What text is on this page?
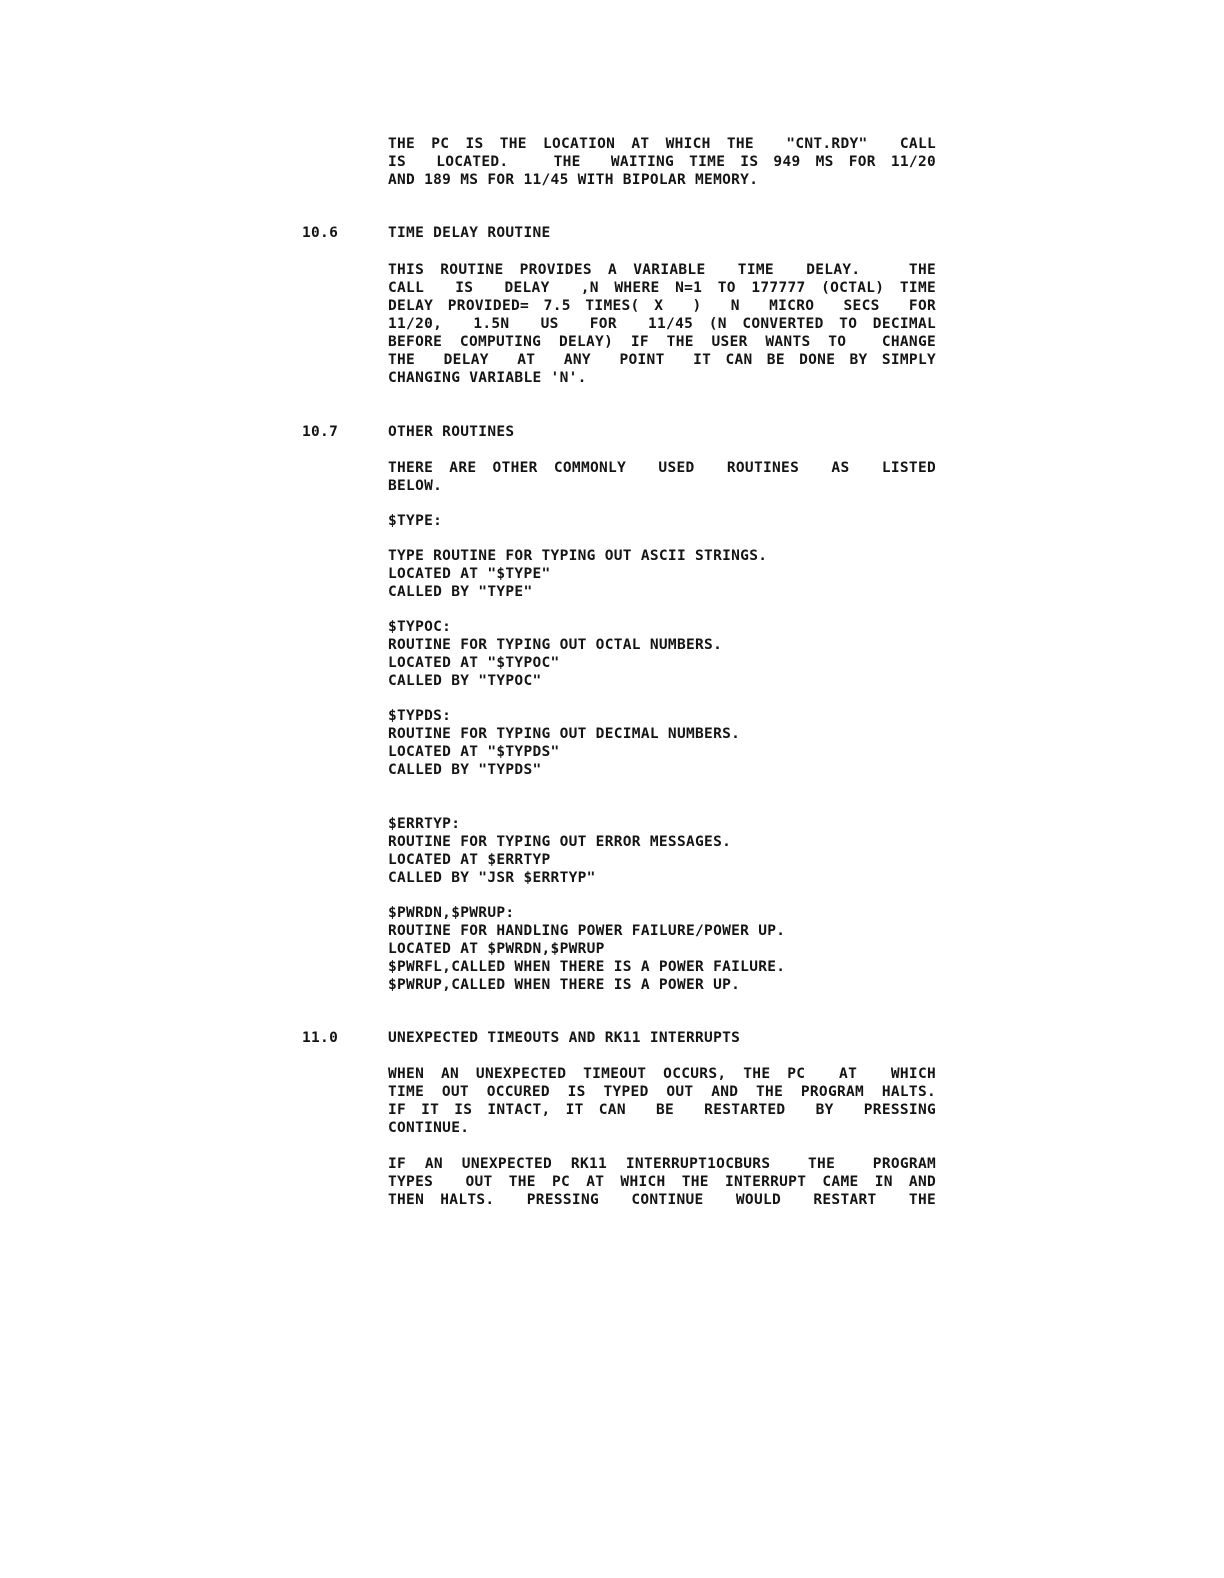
THE PC IS THE LOCATION AT WHICH THE  "CNT.RDY"  CALL
IS  LOCATED.   THE  WAITING TIME IS 949 MS FOR 11/20
AND 189 MS FOR 11/45 WITH BIPOLAR MEMORY.
10.6	TIME DELAY ROUTINE
THIS ROUTINE PROVIDES A VARIABLE  TIME  DELAY.   THE
CALL  IS  DELAY  ,N WHERE N=1 TO 177777 (OCTAL) TIME
DELAY PROVIDED= 7.5 TIMES( X  )  N  MICRO  SECS  FOR
11/20,  1.5N  US  FOR  11/45 (N CONVERTED TO DECIMAL
BEFORE COMPUTING DELAY) IF THE USER WANTS TO  CHANGE
THE  DELAY  AT  ANY  POINT  IT CAN BE DONE BY SIMPLY
CHANGING VARIABLE 'N'.
10.7	OTHER ROUTINES
THERE ARE OTHER COMMONLY  USED  ROUTINES  AS  LISTED
BELOW.
$TYPE:
TYPE ROUTINE FOR TYPING OUT ASCII STRINGS.
LOCATED AT "$TYPE"
CALLED BY "TYPE"
$TYPOC:
ROUTINE FOR TYPING OUT OCTAL NUMBERS.
LOCATED AT "$TYPOC"
CALLED BY "TYPOC"
$TYPDS:
ROUTINE FOR TYPING OUT DECIMAL NUMBERS.
LOCATED AT "$TYPDS"
CALLED BY "TYPDS"
$ERRTYP:
ROUTINE FOR TYPING OUT ERROR MESSAGES.
LOCATED AT $ERRTYP
CALLED BY "JSR $ERRTYP"
$PWRDN,$PWRUP:
ROUTINE FOR HANDLING POWER FAILURE/POWER UP.
LOCATED AT $PWRDN,$PWRUP
$PWRFL,CALLED WHEN THERE IS A POWER FAILURE.
$PWRUP,CALLED WHEN THERE IS A POWER UP.
11.0	UNEXPECTED TIMEOUTS AND RK11 INTERRUPTS
WHEN AN UNEXPECTED TIMEOUT OCCURS, THE PC  AT  WHICH
TIME OUT OCCURED IS TYPED OUT AND THE PROGRAM HALTS.
IF IT IS INTACT, IT CAN  BE  RESTARTED  BY  PRESSING
CONTINUE.
IF AN UNEXPECTED RK11 INTERRUPT1OCBURS  THE  PROGRAM
TYPES  OUT THE PC AT WHICH THE INTERRUPT CAME IN AND
THEN HALTS.  PRESSING  CONTINUE  WOULD  RESTART  THE
